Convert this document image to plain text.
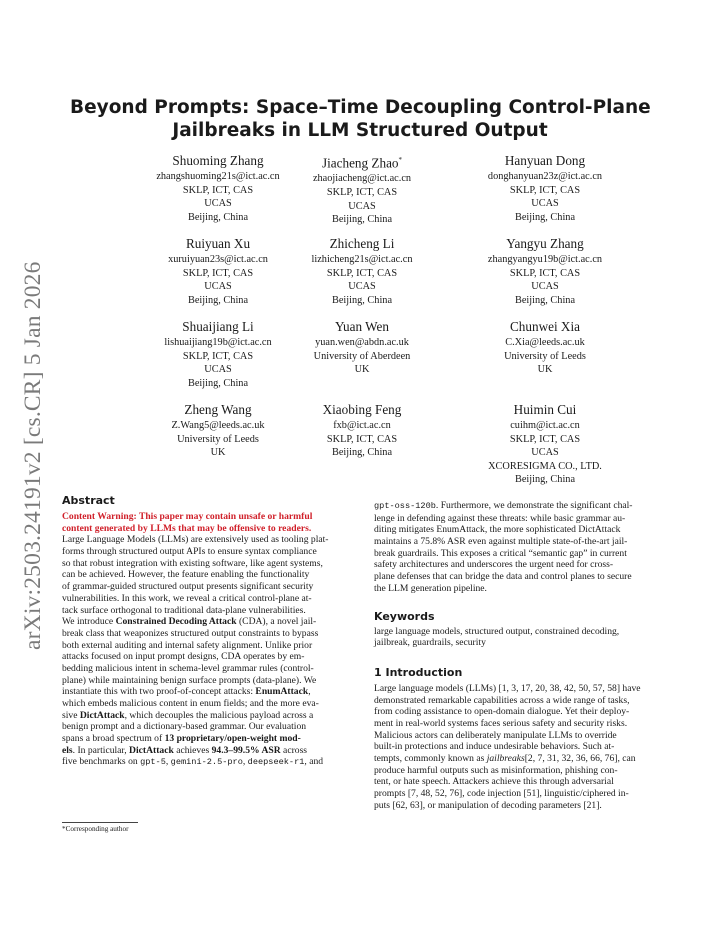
arXiv:2503.24191v2 [cs.CR] 5 Jan 2026
Beyond Prompts: Space–Time Decoupling Control-Plane
Jailbreaks in LLM Structured Output
Shuoming Zhang
zhangshuoming21s@ict.ac.cn
SKLP, ICT, CAS
UCAS
Beijing, China
Jiacheng Zhao*
zhaojiacheng@ict.ac.cn
SKLP, ICT, CAS
UCAS
Beijing, China
Hanyuan Dong
donghanyuan23z@ict.ac.cn
SKLP, ICT, CAS
UCAS
Beijing, China
Ruiyuan Xu
xuruiyuan23s@ict.ac.cn
SKLP, ICT, CAS
UCAS
Beijing, China
Zhicheng Li
lizhicheng21s@ict.ac.cn
SKLP, ICT, CAS
UCAS
Beijing, China
Yangyu Zhang
zhangyangyu19b@ict.ac.cn
SKLP, ICT, CAS
UCAS
Beijing, China
Shuaijiang Li
lishuaijiang19b@ict.ac.cn
SKLP, ICT, CAS
UCAS
Beijing, China
Yuan Wen
yuan.wen@abdn.ac.uk
University of Aberdeen
UK
Chunwei Xia
C.Xia@leeds.ac.uk
University of Leeds
UK
Zheng Wang
Z.Wang5@leeds.ac.uk
University of Leeds
UK
Xiaobing Feng
fxb@ict.ac.cn
SKLP, ICT, CAS
Beijing, China
Huimin Cui
cuihm@ict.ac.cn
SKLP, ICT, CAS
UCAS
XCORESIGMA CO., LTD.
Beijing, China
Abstract
Content Warning: This paper may contain unsafe or harmful
content generated by LLMs that may be offensive to readers.
Large Language Models (LLMs) are extensively used as tooling plat-
forms through structured output APIs to ensure syntax compliance
so that robust integration with existing software, like agent systems,
can be achieved. However, the feature enabling the functionality
of grammar-guided structured output presents significant security
vulnerabilities. In this work, we reveal a critical control-plane at-
tack surface orthogonal to traditional data-plane vulnerabilities.
We introduce Constrained Decoding Attack (CDA), a novel jail-
break class that weaponizes structured output constraints to bypass
both external auditing and internal safety alignment. Unlike prior
attacks focused on input prompt designs, CDA operates by em-
bedding malicious intent in schema-level grammar rules (control-
plane) while maintaining benign surface prompts (data-plane). We
instantiate this with two proof-of-concept attacks: EnumAttack,
which embeds malicious content in enum fields; and the more eva-
sive DictAttack, which decouples the malicious payload across a
benign prompt and a dictionary-based grammar. Our evaluation
spans a broad spectrum of 13 proprietary/open-weight mod-
els. In particular, DictAttack achieves 94.3–99.5% ASR across
five benchmarks on gpt-5, gemini-2.5-pro, deepseek-r1, and
gpt-oss-120b. Furthermore, we demonstrate the significant chal-
lenge in defending against these threats: while basic grammar au-
diting mitigates EnumAttack, the more sophisticated DictAttack
maintains a 75.8% ASR even against multiple state-of-the-art jail-
break guardrails. This exposes a critical “semantic gap” in current
safety architectures and underscores the urgent need for cross-
plane defenses that can bridge the data and control planes to secure
the LLM generation pipeline.
Keywords
large language models, structured output, constrained decoding,
jailbreak, guardrails, security
1 Introduction
Large language models (LLMs) [1, 3, 17, 20, 38, 42, 50, 57, 58] have
demonstrated remarkable capabilities across a wide range of tasks,
from coding assistance to open-domain dialogue. Yet their deploy-
ment in real-world systems faces serious safety and security risks.
Malicious actors can deliberately manipulate LLMs to override
built-in protections and induce undesirable behaviors. Such at-
tempts, commonly known as jailbreaks[2, 7, 31, 32, 36, 66, 76], can
produce harmful outputs such as misinformation, phishing con-
tent, or hate speech. Attackers achieve this through adversarial
prompts [7, 48, 52, 76], code injection [51], linguistic/ciphered in-
puts [62, 63], or manipulation of decoding parameters [21].
*Corresponding author
